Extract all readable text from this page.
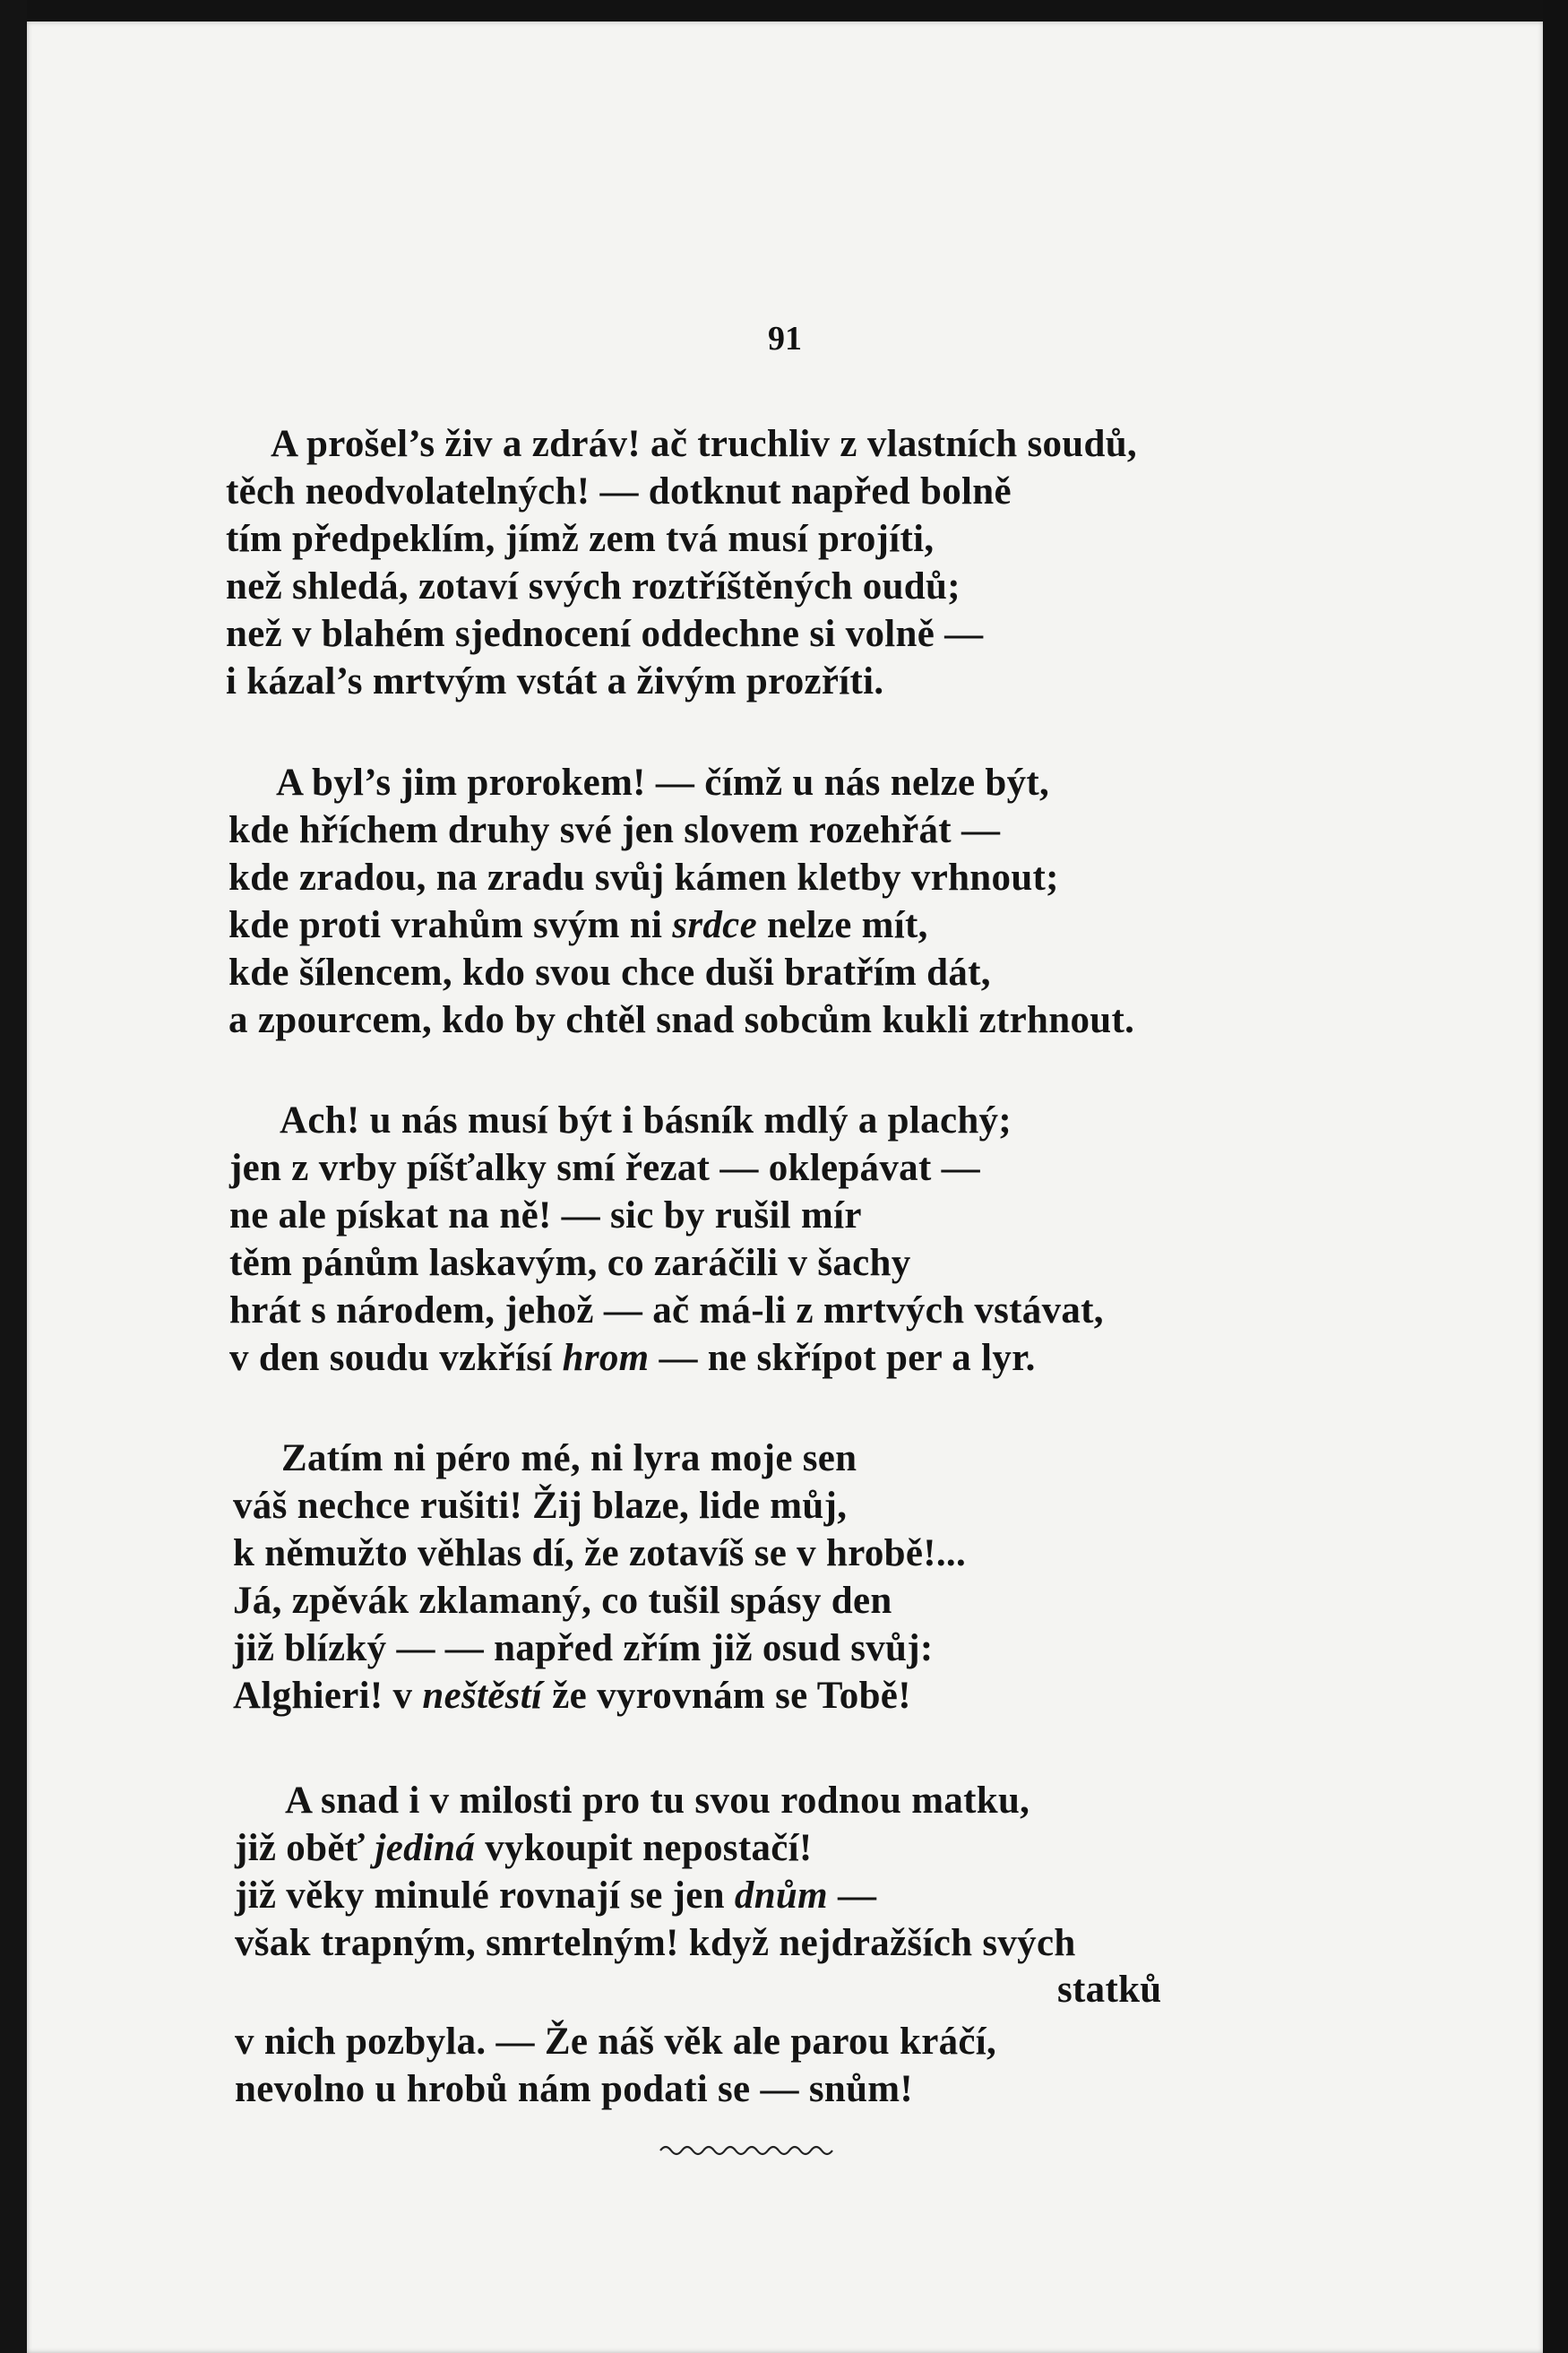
91
A prošel’s živ a zdráv! ač truchliv z vlastních soudů,
těch neodvolatelných! — dotknut napřed bolně
tím předpeklím, jímž zem tvá musí projíti,
než shledá, zotaví svých roztříštěných oudů;
než v blahém sjednocení oddechne si volně —
i kázal’s mrtvým vstát a živým prozříti.
A byl’s jim prorokem! — čímž u nás nelze být,
kde hříchem druhy své jen slovem rozehřát —
kde zradou, na zradu svůj kámen kletby vrhnout;
kde proti vrahům svým ni srdce nelze mít,
kde šílencem, kdo svou chce duši bratřím dát,
a zpourcem, kdo by chtěl snad sobcům kukli ztrhnout.
Ach! u nás musí být i básník mdlý a plachý;
jen z vrby píšťalky smí řezat — oklepávat —
ne ale pískat na ně! — sic by rušil mír
těm pánům laskavým, co zaráčili v šachy
hrát s národem, jehož — ač má-li z mrtvých vstávat,
v den soudu vzkřísí hrom — ne skřípot per a lyr.
Zatím ni péro mé, ni lyra moje sen
váš nechce rušiti! Žij blaze, lide můj,
k němužto věhlas dí, že zotavíš se v hrobě!...
Já, zpěvák zklamaný, co tušil spásy den
již blízký — — napřed zřím již osud svůj:
Alghieri! v neštěstí že vyrovnám se Tobě!
A snad i v milosti pro tu svou rodnou matku,
již oběť jediná vykoupit nepostačí!
již věky minulé rovnají se jen dnům —
však trapným, smrtelným! když nejdražších svých
statků
v nich pozbyla. — Že náš věk ale parou kráčí,
nevolno u hrobů nám podati se — snům!
